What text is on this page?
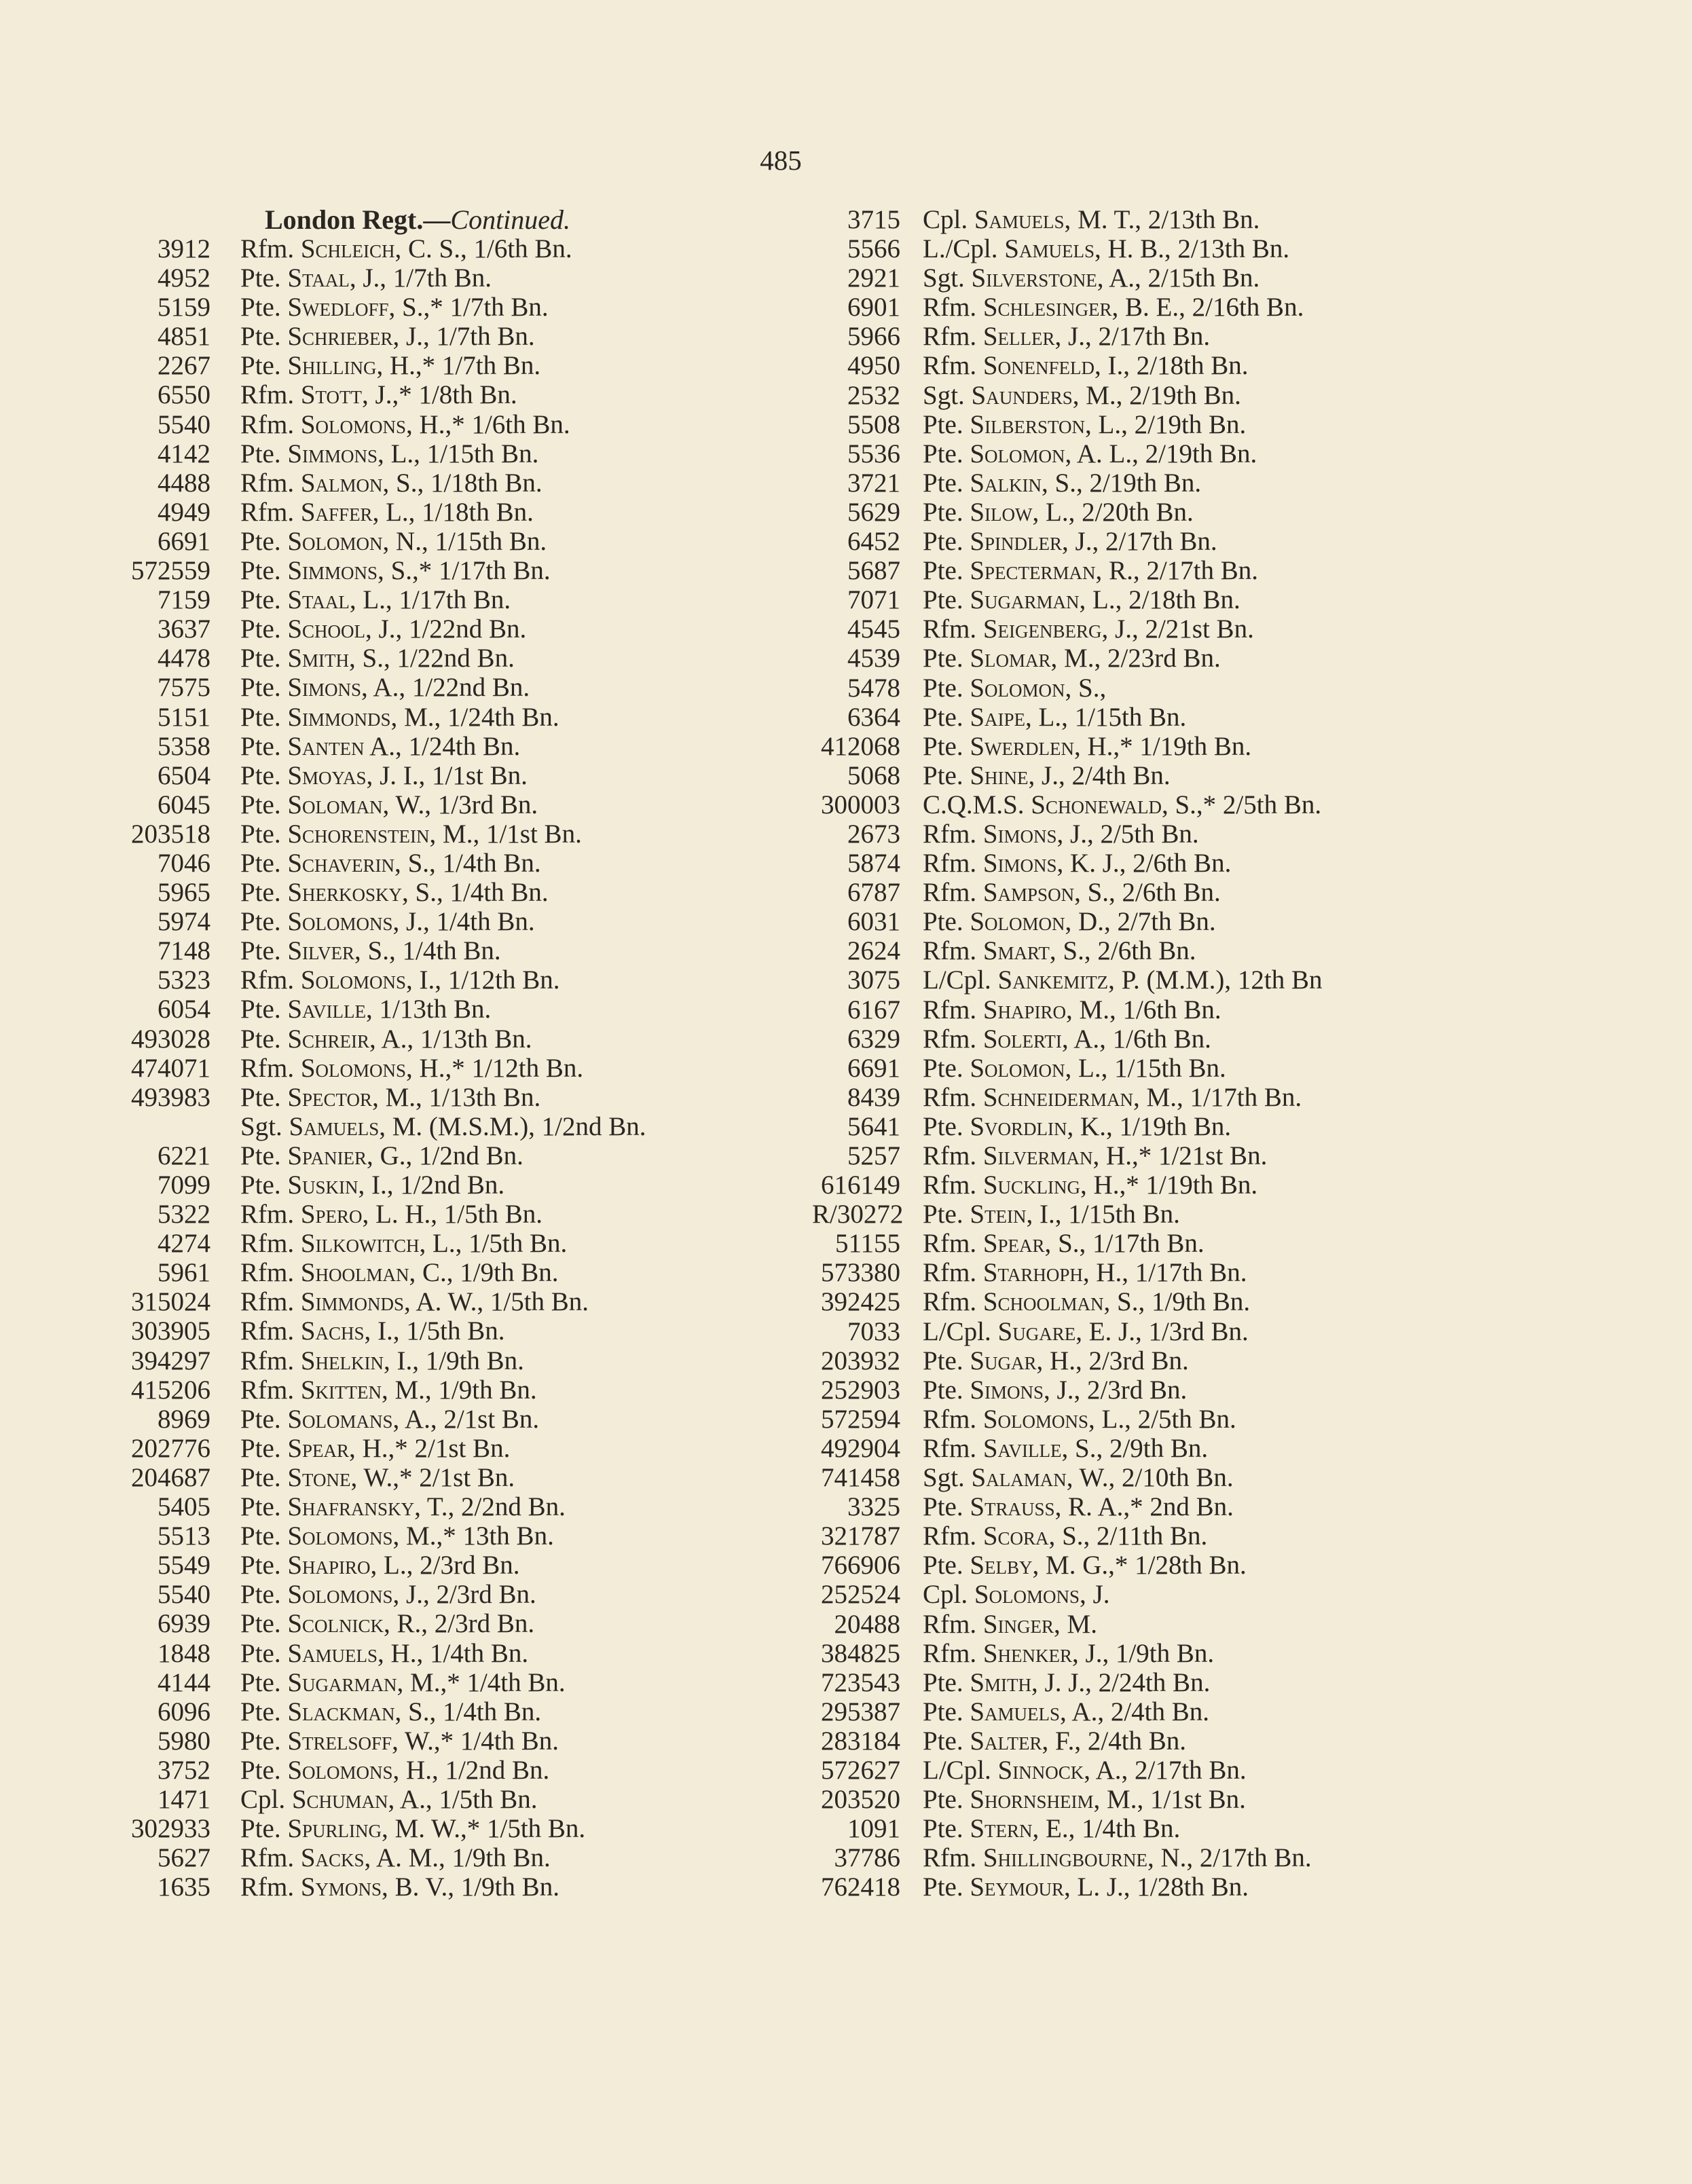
485
London Regt.—Continued.
3912 Rfm. Schleich, C. S., 1/6th Bn.
4952 Pte. Staal, J., 1/7th Bn.
5159 Pte. Swedloff, S.,* 1/7th Bn.
4851 Pte. Schrieber, J., 1/7th Bn.
2267 Pte. Shilling, H.,* 1/7th Bn.
6550 Rfm. Stott, J.,* 1/8th Bn.
5540 Rfm. Solomons, H.,* 1/6th Bn.
4142 Pte. Simmons, L., 1/15th Bn.
4488 Rfm. Salmon, S., 1/18th Bn.
4949 Rfm. Saffer, L., 1/18th Bn.
6691 Pte. Solomon, N., 1/15th Bn.
572559 Pte. Simmons, S.,* 1/17th Bn.
7159 Pte. Staal, L., 1/17th Bn.
3637 Pte. School, J., 1/22nd Bn.
4478 Pte. Smith, S., 1/22nd Bn.
7575 Pte. Simons, A., 1/22nd Bn.
5151 Pte. Simmonds, M., 1/24th Bn.
5358 Pte. Santen A., 1/24th Bn.
6504 Pte. Smoyas, J. I., 1/1st Bn.
6045 Pte. Soloman, W., 1/3rd Bn.
203518 Pte. Schorenstein, M., 1/1st Bn.
7046 Pte. Schaverin, S., 1/4th Bn.
5965 Pte. Sherkosky, S., 1/4th Bn.
5974 Pte. Solomons, J., 1/4th Bn.
7148 Pte. Silver, S., 1/4th Bn.
5323 Rfm. Solomons, I., 1/12th Bn.
6054 Pte. Saville, 1/13th Bn.
493028 Pte. Schreir, A., 1/13th Bn.
474071 Rfm. Solomons, H.,* 1/12th Bn.
493983 Pte. Spector, M., 1/13th Bn.
Sgt. Samuels, M. (M.S.M.), 1/2nd Bn.
6221 Pte. Spanier, G., 1/2nd Bn.
7099 Pte. Suskin, I., 1/2nd Bn.
5322 Rfm. Spero, L. H., 1/5th Bn.
4274 Rfm. Silkowitch, L., 1/5th Bn.
5961 Rfm. Shoolman, C., 1/9th Bn.
315024 Rfm. Simmonds, A. W., 1/5th Bn.
303905 Rfm. Sachs, I., 1/5th Bn.
394297 Rfm. Shelkin, I., 1/9th Bn.
415206 Rfm. Skitten, M., 1/9th Bn.
8969 Pte. Solomans, A., 2/1st Bn.
202776 Pte. Spear, H.,* 2/1st Bn.
204687 Pte. Stone, W.,* 2/1st Bn.
5405 Pte. Shafransky, T., 2/2nd Bn.
5513 Pte. Solomons, M.,* 13th Bn.
5549 Pte. Shapiro, L., 2/3rd Bn.
5540 Pte. Solomons, J., 2/3rd Bn.
6939 Pte. Scolnick, R., 2/3rd Bn.
1848 Pte. Samuels, H., 1/4th Bn.
4144 Pte. Sugarman, M.,* 1/4th Bn.
6096 Pte. Slackman, S., 1/4th Bn.
5980 Pte. Strelsoff, W.,* 1/4th Bn.
3752 Pte. Solomons, H., 1/2nd Bn.
1471 Cpl. Schuman, A., 1/5th Bn.
302933 Pte. Spurling, M. W.,* 1/5th Bn.
5627 Rfm. Sacks, A. M., 1/9th Bn.
1635 Rfm. Symons, B. V., 1/9th Bn.
3715 Cpl. Samuels, M. T., 2/13th Bn.
5566 L./Cpl. Samuels, H. B., 2/13th Bn.
2921 Sgt. Silverstone, A., 2/15th Bn.
6901 Rfm. Schlesinger, B. E., 2/16th Bn.
5966 Rfm. Seller, J., 2/17th Bn.
4950 Rfm. Sonenfeld, I., 2/18th Bn.
2532 Sgt. Saunders, M., 2/19th Bn.
5508 Pte. Silberston, L., 2/19th Bn.
5536 Pte. Solomon, A. L., 2/19th Bn.
3721 Pte. Salkin, S., 2/19th Bn.
5629 Pte. Silow, L., 2/20th Bn.
6452 Pte. Spindler, J., 2/17th Bn.
5687 Pte. Specterman, R., 2/17th Bn.
7071 Pte. Sugarman, L., 2/18th Bn.
4545 Rfm. Seigenberg, J., 2/21st Bn.
4539 Pte. Slomar, M., 2/23rd Bn.
5478 Pte. Solomon, S.,
6364 Pte. Saipe, L., 1/15th Bn.
412068 Pte. Swerdlen, H.,* 1/19th Bn.
5068 Pte. Shine, J., 2/4th Bn.
300003 C.Q.M.S. Schonewald, S.,* 2/5th Bn.
2673 Rfm. Simons, J., 2/5th Bn.
5874 Rfm. Simons, K. J., 2/6th Bn.
6787 Rfm. Sampson, S., 2/6th Bn.
6031 Pte. Solomon, D., 2/7th Bn.
2624 Rfm. Smart, S., 2/6th Bn.
3075 L/Cpl. Sankemitz, P. (M.M.), 12th Bn
6167 Rfm. Shapiro, M., 1/6th Bn.
6329 Rfm. Solerti, A., 1/6th Bn.
6691 Pte. Solomon, L., 1/15th Bn.
8439 Rfm. Schneiderman, M., 1/17th Bn.
5641 Pte. Svordlin, K., 1/19th Bn.
5257 Rfm. Silverman, H.,* 1/21st Bn.
616149 Rfm. Suckling, H.,* 1/19th Bn.
R/30272 Pte. Stein, I., 1/15th Bn.
51155 Rfm. Spear, S., 1/17th Bn.
573380 Rfm. Starhoph, H., 1/17th Bn.
392425 Rfm. Schoolman, S., 1/9th Bn.
7033 L/Cpl. Sugare, E. J., 1/3rd Bn.
203932 Pte. Sugar, H., 2/3rd Bn.
252903 Pte. Simons, J., 2/3rd Bn.
572594 Rfm. Solomons, L., 2/5th Bn.
492904 Rfm. Saville, S., 2/9th Bn.
741458 Sgt. Salaman, W., 2/10th Bn.
3325 Pte. Strauss, R. A.,* 2nd Bn.
321787 Rfm. Scora, S., 2/11th Bn.
766906 Pte. Selby, M. G.,* 1/28th Bn.
252524 Cpl. Solomons, J.
20488 Rfm. Singer, M.
384825 Rfm. Shenker, J., 1/9th Bn.
723543 Pte. Smith, J. J., 2/24th Bn.
295387 Pte. Samuels, A., 2/4th Bn.
283184 Pte. Salter, F., 2/4th Bn.
572627 L/Cpl. Sinnock, A., 2/17th Bn.
203520 Pte. Shornsheim, M., 1/1st Bn.
1091 Pte. Stern, E., 1/4th Bn.
37786 Rfm. Shillingbourne, N., 2/17th Bn.
762418 Pte. Seymour, L. J., 1/28th Bn.
